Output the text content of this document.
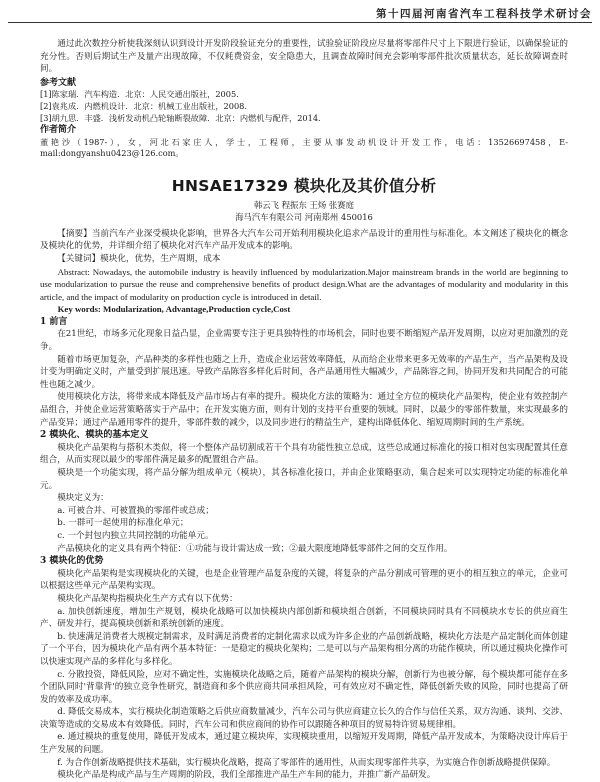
第十四届河南省汽车工程科技学术研讨会

通过此次数控分析使我深刻认识到设计开发阶段验证充分的重要性，试验验证阶段应尽量将零部件尺寸上下限进行验证，以确保验证的充分性。否则后期试生产及量产出现故障，不仅耗费资金，安全隐患大，且调查故障时间充会影响零部件批次质量状态，延长故障调查时间。

参考文献

[1]陈家瑞．汽车构造．北京：人民交通出版社，2005.

[2]袁兆成．内燃机设计．北京：机械工业出版社，2008.

[3]胡九思．丰盛．浅析发动机凸轮轴断裂故障．北京：内燃机与配件，2014.

作者简介

董艳沙（1987-），女，河北石家庄人，学士，工程师，主要从事发动机设计开发工作，电话：13526697458，E-mail:dongyanshu0423@126.com。

HNSAE17329 模块化及其价值分析

韩云飞 程振东 王炀 张赛庭

海马汽车有限公司 河南郑州 450016

【摘要】当前汽车产业深受模块化影响，世界各大汽车公司开始利用模块化追求产品设计的重用性与标准化。本文阐述了模块化的概念及模块化的优势，并详细介绍了模块化对汽车产品开发成本的影响。

【关键词】模块化，优势，生产周期，成本

Abstract: Nowadays, the automobile industry is heavily influenced by modularization.Major mainstream brands in the world are beginning to use modularization to pursue the reuse and comprehensive benefits of product design.What are the advantages of modularity and modularity in this article, and the impact of modularity on production cycle is introduced in detail.

Key words: Modularization, Advantage,Production cycle,Cost

1 前言

在21世纪，市场多元化现象日益凸显，企业需要专注于更具独特性的市场机会，同时也要不断缩短产品开发周期，以应对更加激烈的竞争。

随着市场更加复杂，产品种类的多样性也随之上升，造成企业运营效率降低，从而给企业带来更多无效率的产品生产，当产品架构及设计变为明确定义时，产量受到扩展迅速。导致产品陈容多样化后时间，各产品通用性大幅减少，产品陈容之间，协同开发和共同配合的可能性也随之减少。

使用模块化方法，将带来成本降低及产品市场占有率的提升。模块化方法的策略为：通过全方位的模块化产品架构，使企业有效控制产品组合，并使企业运营策略落实于产品中；在开发实施方面，则有计划的支持平台重要的领域。同时，以最少的零部件数量，来实现最多的产品变异；通过产品通用零件的提升，零部件数的减少，以及同步进行的精益生产，建构出降低体化、缩短周期时间的生产系统。

2 模块化、模块的基本定义

模块化产品架构与搭积木类似，将一个整体产品切割成若干个具有功能性独立总成，这些总成通过标准化的接口相对包实现配置其任意组合，从而实现以最少的零部件满足最多的配置组合产品。

模块是一个功能实现，将产品分解为组成单元（模块），其各标准化接口，并由企业策略驱动，集合起来可以实现特定功能的标准化单元。

模块定义为：

a. 可被合并、可被置换的零部件或总成；

b. 一群可一起使用的标准化单元；

c. 一个封包内独立共同控制的功能单元。

产品模块化的定义具有两个特征：①功能与设计需达成一致；②最大限度地降低零部件之间的交互作用。

3 模块化的优势

模块化产品架构是实现模块化的关键，也是企业管理产品复杂度的关键，将复杂的产品分割成可管理的更小的相互独立的单元，企业可以根据这些单元产品架构实现。

模块化产品架构指模块化生产方式有以下优势：

a. 加快创新速度，增加生产规划，模块化战略可以加快模块内部创新和模块组合创新，不同模块同时具有不同模块水专长的供应商生产、研发并行，提高模块创新和系统创新的速度。

b. 快速满足消费者大规模定制需求，及时满足消费者的定制化需求以成为许多企业的产品创新战略，模块化方法是产品定制化而体创建了一个平台，因为模块化产品有两个基本特征：一是稳定的模块化架构；二是可以与产品架构相分离的功能作模块，所以通过模块化操作可以快速实现产品的多样化与多样化。

c. 分散投资，降低风险，应对不确定性，实施模块化战略之后，随着产品架构的模块分解，创新行为也被分解，每个模块都可能存在多个团队同时'背靠背'的独立竞争性研究，制造商和多个供应商共同承担风险，可有效应对不确定性，降低创新失败的风险，同时也提高了研发的效率及成功率。

d. 降低交易成本，实行模块化制造策略之后供应商数量减少，汽车公司与供应商建立长久的合作与信任关系，双方沟通、谈判、交涉、决策等造成的交易成本有效降低。同时，汽车公司和供应商间的协作可以跟随各种项目的贸易特许贸易规律相。

e. 通过模块的重复使用，降低开发成本，通过建立模块库，实现模块重用，以缩短开发周期，降低产品开发成本，为策略决设计库后于生产发展的问题。

f. 为合作创新战略提供技术基础，实行模块化战略，提高了零部件的通用性，从而实现零部件共享，为实施合作创新战略提供保障。

模块化产品是构成产品与生产周期的阶段，我们全部推进产品生产车间的能力，并推广新产品研发。
